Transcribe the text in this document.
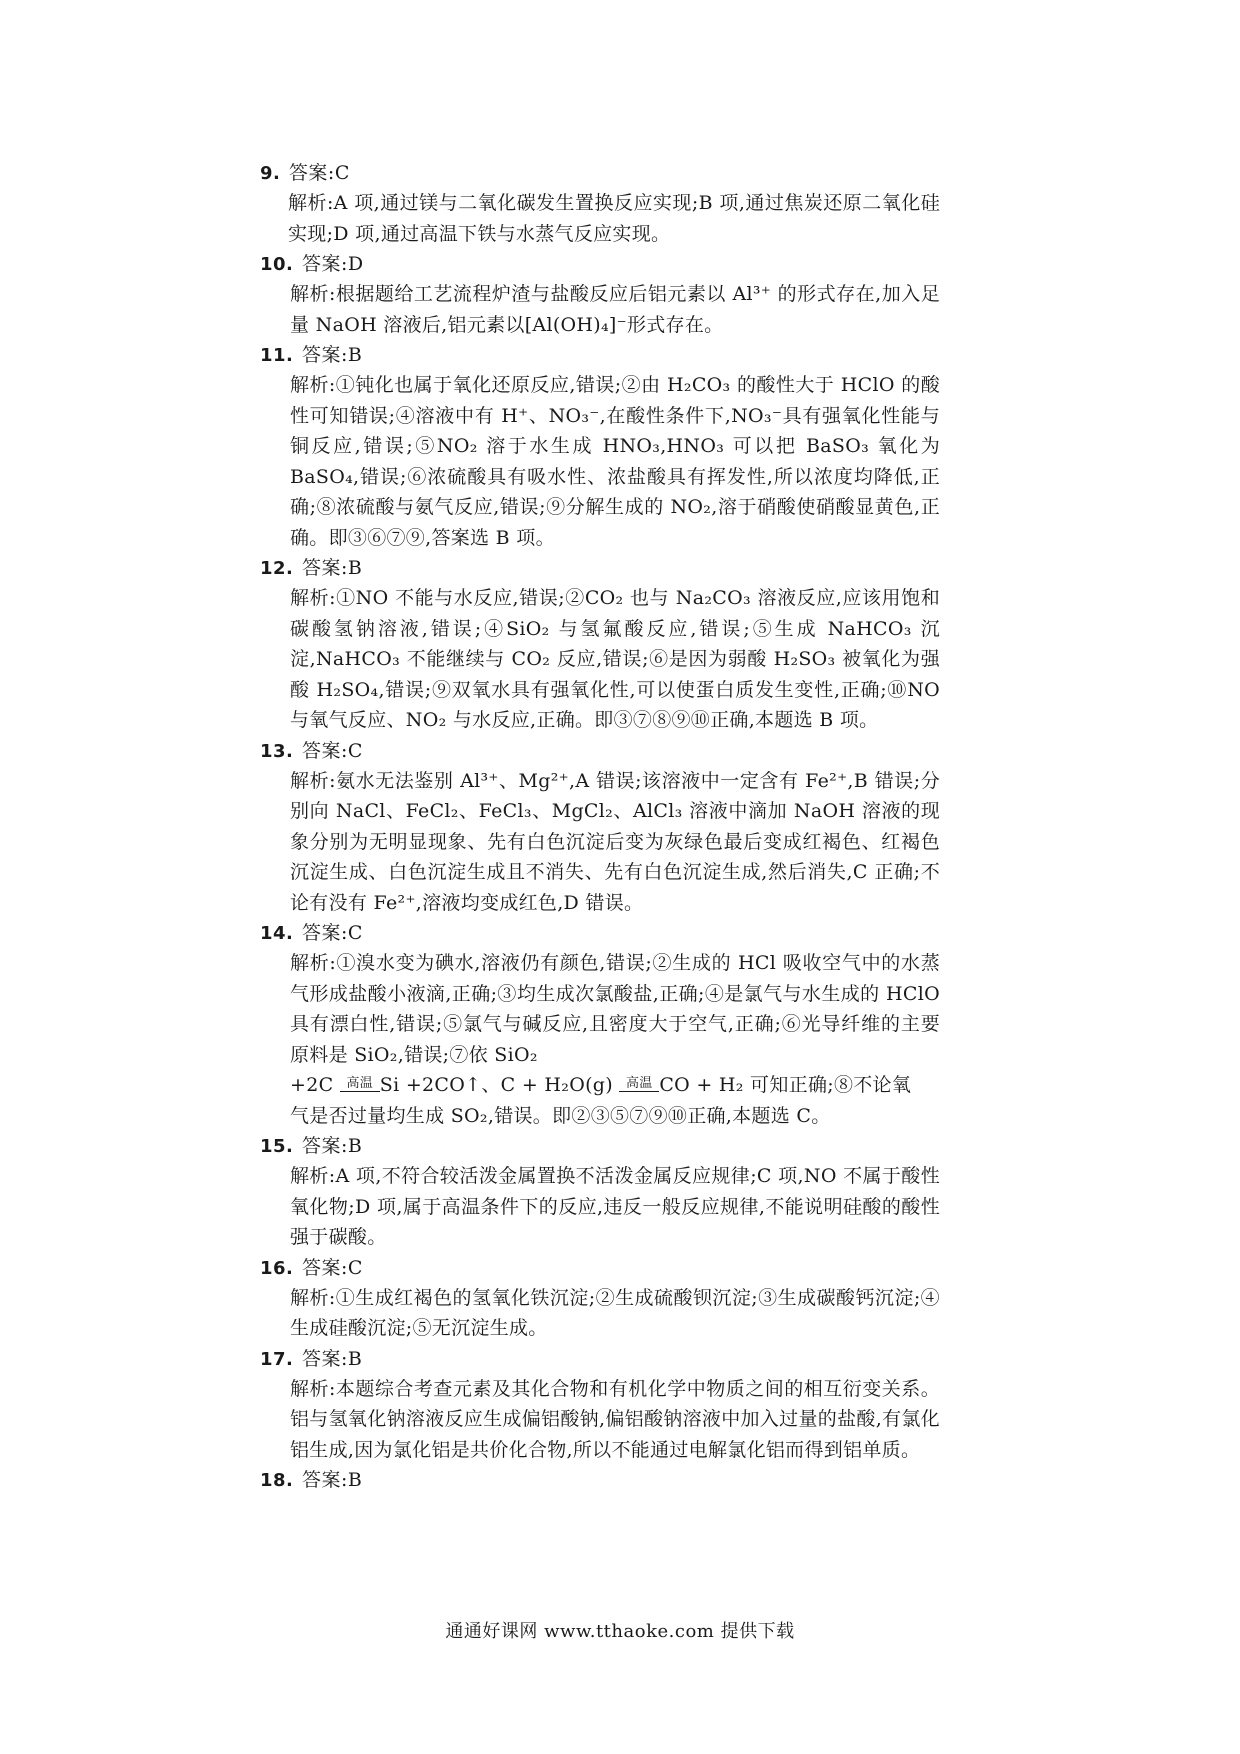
9. 答案:C
解析:A 项,通过镁与二氧化碳发生置换反应实现;B 项,通过焦炭还原二氧化硅实现;D 项,通过高温下铁与水蒸气反应实现。
10. 答案:D
解析:根据题给工艺流程炉渣与盐酸反应后铝元素以 Al³⁺ 的形式存在,加入足量 NaOH 溶液后,铝元素以[Al(OH)₄]⁻形式存在。
11. 答案:B
解析:①钝化也属于氧化还原反应,错误;②由 H₂CO₃ 的酸性大于 HClO 的酸性可知错误;④溶液中有 H⁺、NO₃⁻,在酸性条件下,NO₃⁻具有强氧化性能与铜反应,错误;⑤NO₂ 溶于水生成 HNO₃,HNO₃ 可以把 BaSO₃ 氧化为 BaSO₄,错误;⑥浓硫酸具有吸水性、浓盐酸具有挥发性,所以浓度均降低,正确;⑧浓硫酸与氨气反应,错误;⑨分解生成的 NO₂,溶于硝酸使硝酸显黄色,正确。即③⑥⑦⑨,答案选 B 项。
12. 答案:B
解析:①NO 不能与水反应,错误;②CO₂ 也与 Na₂CO₃ 溶液反应,应该用饱和碳酸氢钠溶液,错误;④SiO₂ 与氢氟酸反应,错误;⑤生成 NaHCO₃ 沉淀,NaHCO₃ 不能继续与 CO₂ 反应,错误;⑥是因为弱酸 H₂SO₃ 被氧化为强酸 H₂SO₄,错误;⑨双氧水具有强氧化性,可以使蛋白质发生变性,正确;⑩NO 与氧气反应、NO₂ 与水反应,正确。即③⑦⑧⑨⑩正确,本题选 B 项。
13. 答案:C
解析:氨水无法鉴别 Al³⁺、Mg²⁺,A 错误;该溶液中一定含有 Fe²⁺,B 错误;分别向 NaCl、FeCl₂、FeCl₃、MgCl₂、AlCl₃ 溶液中滴加 NaOH 溶液的现象分别为无明显现象、先有白色沉淀后变为灰绿色最后变成红褐色、红褐色沉淀生成、白色沉淀生成且不消失、先有白色沉淀生成,然后消失,C 正确;不论有没有 Fe²⁺,溶液均变成红色,D 错误。
14. 答案:C
解析:①溴水变为碘水,溶液仍有颜色,错误;②生成的 HCl 吸收空气中的水蒸气形成盐酸小液滴,正确;③均生成次氯酸盐,正确;④是氯气与水生成的 HClO 具有漂白性,错误;⑤氯气与碱反应,且密度大于空气,正确;⑥光导纤维的主要原料是 SiO₂,错误;⑦依 SiO₂
+2C 高温 Si +2CO↑、C + H₂O(g) 高温 CO + H₂ 可知正确;⑧不论氧
气是否过量均生成 SO₂,错误。即②③⑤⑦⑨⑩正确,本题选 C。
15. 答案:B
解析:A 项,不符合较活泼金属置换不活泼金属反应规律;C 项,NO 不属于酸性氧化物;D 项,属于高温条件下的反应,违反一般反应规律,不能说明硅酸的酸性强于碳酸。
16. 答案:C
解析:①生成红褐色的氢氧化铁沉淀;②生成硫酸钡沉淀;③生成碳酸钙沉淀;④生成硅酸沉淀;⑤无沉淀生成。
17. 答案:B
解析:本题综合考查元素及其化合物和有机化学中物质之间的相互衍变关系。铝与氢氧化钠溶液反应生成偏铝酸钠,偏铝酸钠溶液中加入过量的盐酸,有氯化铝生成,因为氯化铝是共价化合物,所以不能通过电解氯化铝而得到铝单质。
18. 答案:B
通通好课网 www.tthaoke.com 提供下载
